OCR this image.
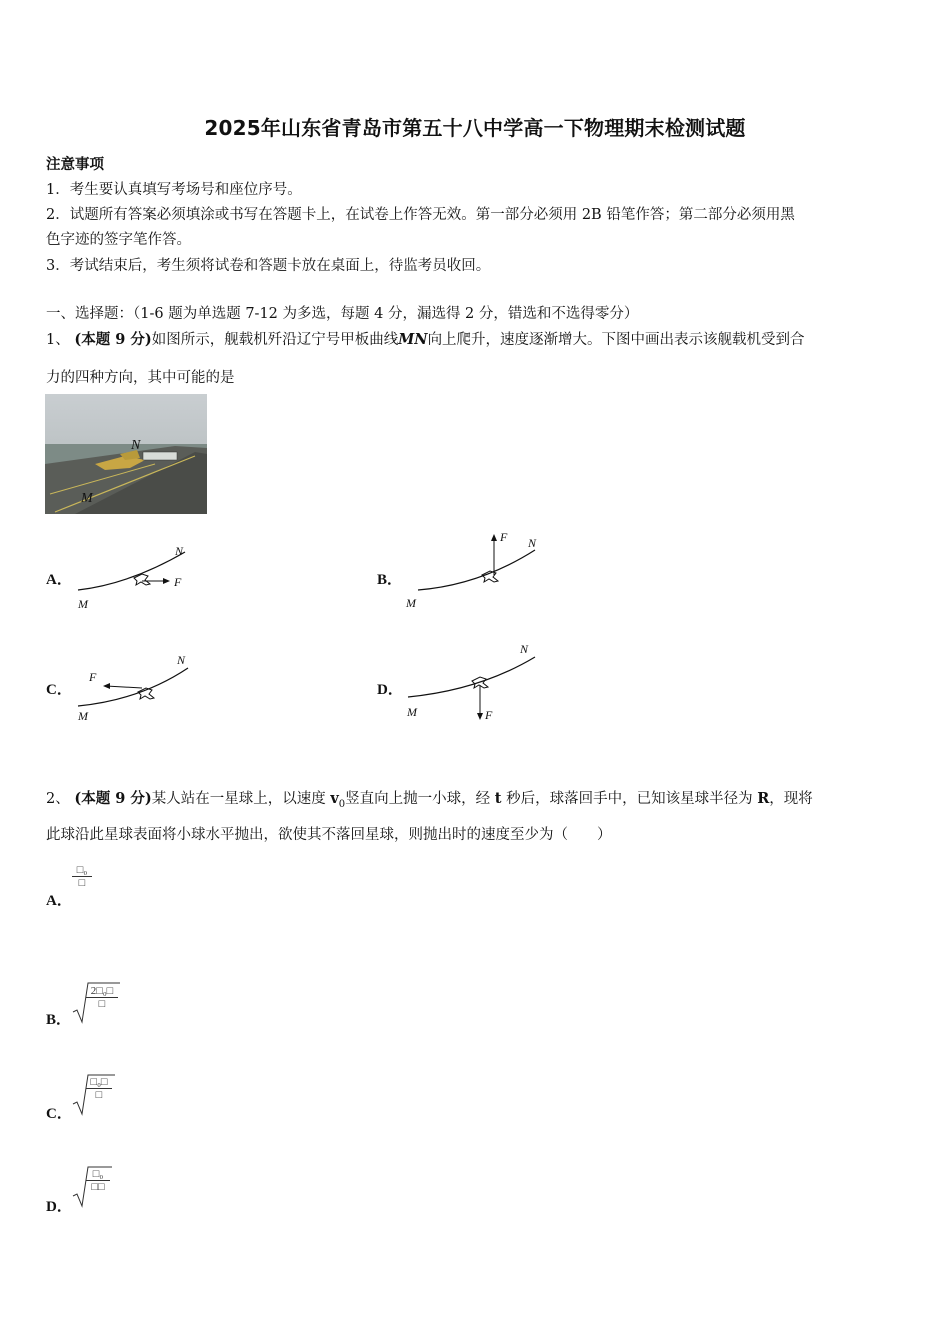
2025年山东省青岛市第五十八中学高一下物理期末检测试题
注意事项
1．考生要认真填写考场号和座位序号。
2．试题所有答案必须填涂或书写在答题卡上，在试卷上作答无效。第一部分必须用 2B 铅笔作答；第二部分必须用黑
色字迹的签字笔作答。
3．考试结束后，考生须将试卷和答题卡放在桌面上，待监考员收回。
一、选择题：（1-6 题为单选题 7-12 为多选，每题 4 分，漏选得 2 分，错选和不选得零分）
1、 (本题 9 分)如图所示，舰载机歼沿辽宁号甲板曲线MN向上爬升，速度逐渐增大。下图中画出表示该舰载机受到合
力的四种方向，其中可能的是
N
M
A．	F
N
M
B．
F N
M
C．
F
N
M
D．
F
N
M
2、 (本题 9 分)某人站在一星球上，以速度 $v_0$竖直向上抛一小球，经 t 秒后，球落回手中，已知该星球半径为 R，现将
此球沿此星球表面将小球水平抛出，欲使其不落回星球，则抛出时的速度至少为（　　）
A．
□₀
□
B．
2□₀□
□
C．
□₀□
□
D．
□₀
□□
